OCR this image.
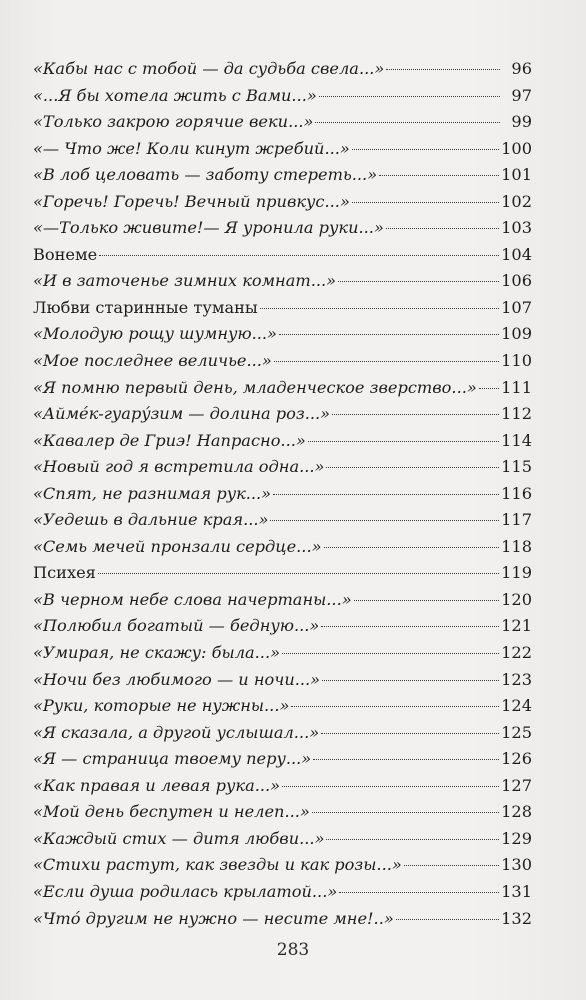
«Кабы нас с тобой — да судьба свела...»	96
«...Я бы хотела жить с Вами...»	97
«Только закрою горячие веки...»	99
«— Что же! Коли кинут жребий...»	100
«В лоб целовать — заботу стереть...»	101
«Горечь! Горечь! Вечный привкус...»	102
«—Только живите!— Я уронила руки...»	103
Вонеме	104
«И в заточенье зимних комнат...»	106
Любви старинные туманы	107
«Молодую рощу шумную...»	109
«Мое последнее величье...»	110
«Я помню первый день, младенческое зверство...» 111
«Аймéк-гуарýзим — долина роз...»	112
«Кавалер де Гриэ! Напрасно...»	114
«Новый год я встретила одна...»	115
«Спят, не разнимая рук...»	116
«Уедешь в дальние края...»	117
«Семь мечей пронзали сердце...»	118
Психея	119
«В черном небе слова начертаны...»	120
«Полюбил богатый — бедную...»	121
«Умирая, не скажу: была...»	122
«Ночи без любимого — и ночи...»	123
«Руки, которые не нужны...»	124
«Я сказала, а другой услышал...»	125
«Я — страница твоему перу...»	126
«Как правая и левая рука...»	127
«Мой день беспутен и нелеп...»	128
«Каждый стих — дитя любви...»	129
«Стихи растут, как звезды и как розы...»	130
«Если душа родилась крылатой...»	131
«Что́ другим не нужно — несите мне!..»	132
283
